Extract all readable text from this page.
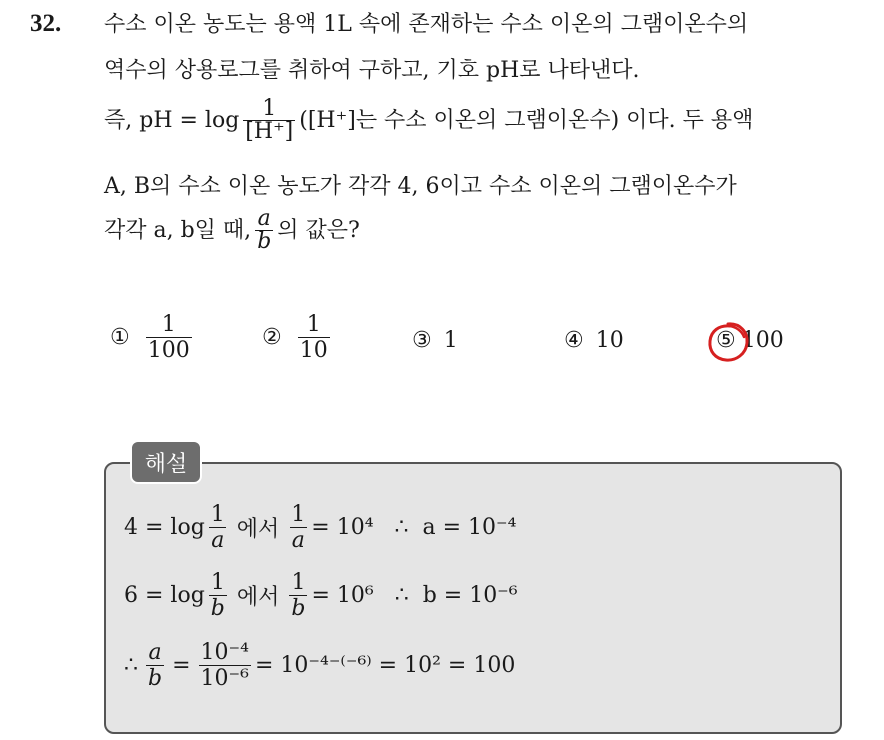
32. 수소 이온 농도는 용액 1L 속에 존재하는 수소 이온의 그램이온수의
역수의 상용로그를 취하여 구하고, 기호 pH로 나타낸다.
즉, pH = $\log \frac{1}{[H^+]} ([H^+]$는 수소 이온의 그램이온수) 이다. 두 용액
A, B의 수소 이온 농도가 각각 4, 6이고 수소 이온의 그램이온수가
각각 a, b일 때, $\frac{a}{b}$ 의 값은?
① $\frac{1}{100}$	② $\frac{1}{10}$	③ 1	④ 10	⑤ 100
해설
$4 = \log \frac{1}{a}$ 에서 $\frac{1}{a} = 10^4$   ∴  a = 10⁻⁴
$6 = \log \frac{1}{b}$ 에서 $\frac{1}{b} = 10^6$   ∴  b = 10⁻⁶
∴ $\frac{a}{b} = \frac{\text{10⁻⁴}}{\text{10⁻⁶}} = 10^{-4-(-6)} = 10^2 = 100$
